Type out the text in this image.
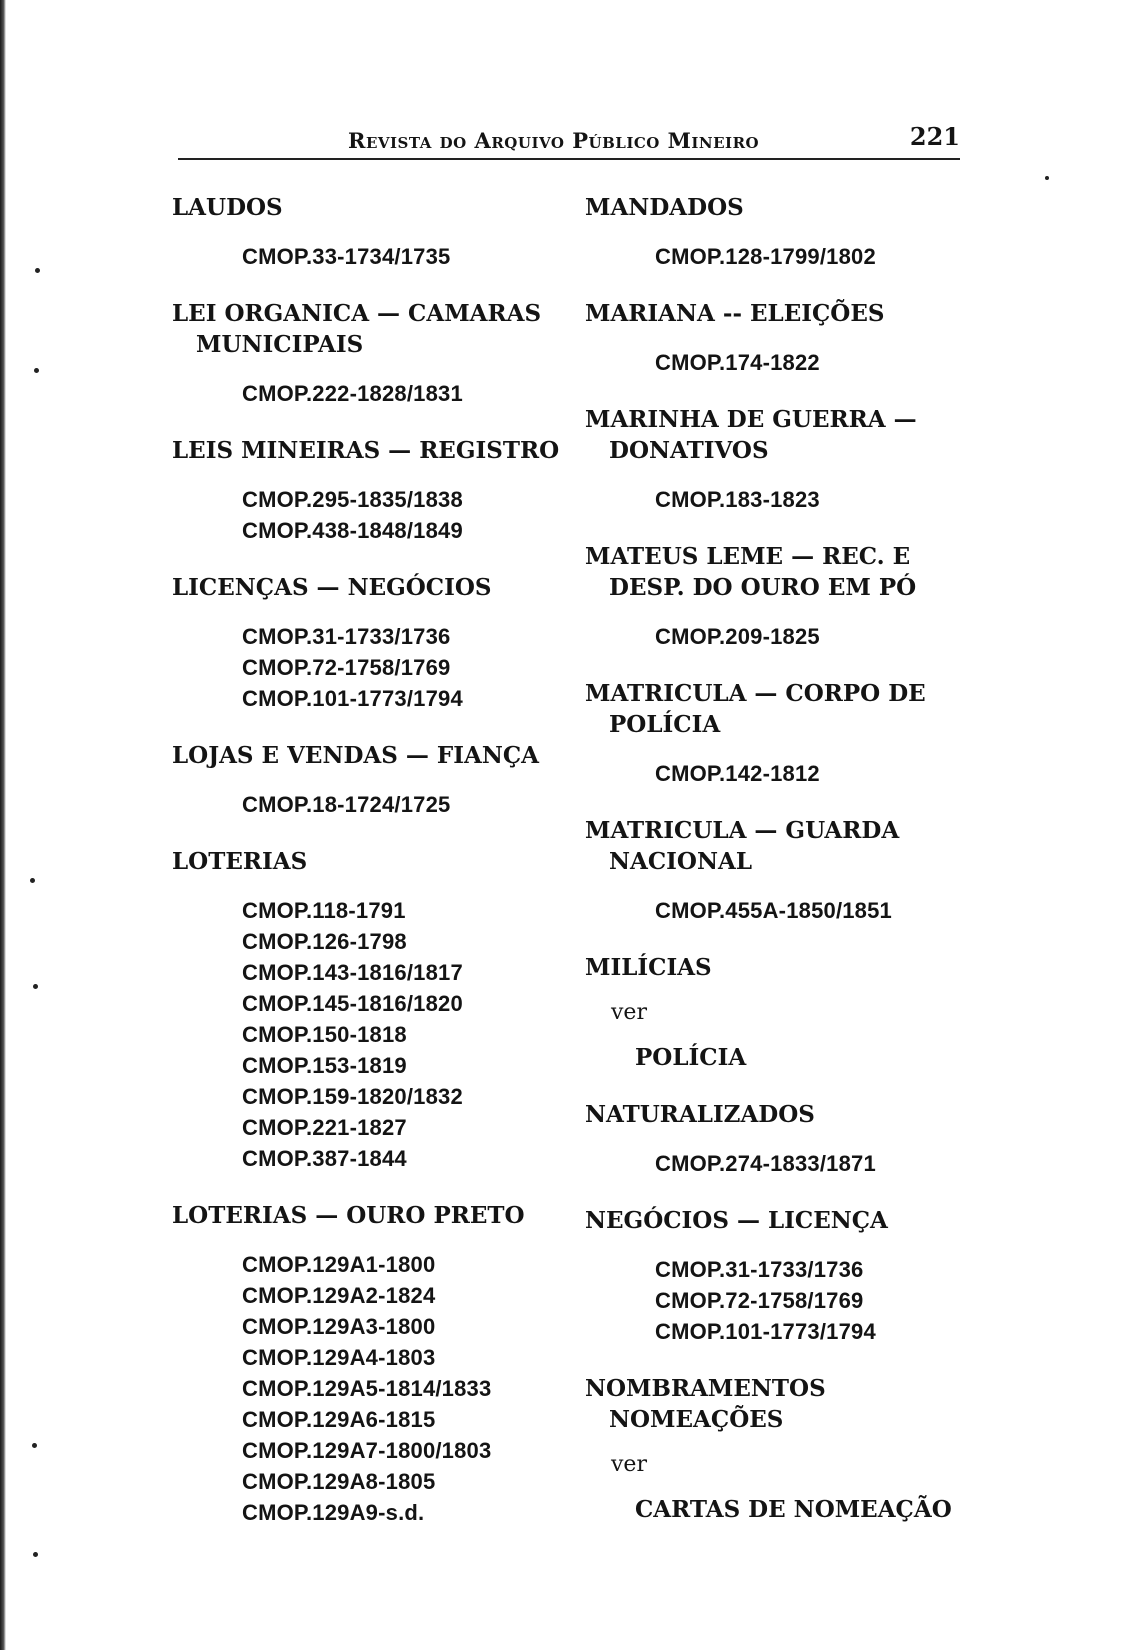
Revista do Arquivo Público Mineiro	221
LAUDOS
CMOP.33-1734/1735
LEI ORGANICA — CAMARAS
MUNICIPAIS
CMOP.222-1828/1831
LEIS MINEIRAS — REGISTRO
CMOP.295-1835/1838
CMOP.438-1848/1849
LICENÇAS — NEGÓCIOS
CMOP.31-1733/1736
CMOP.72-1758/1769
CMOP.101-1773/1794
LOJAS E VENDAS — FIANÇA
CMOP.18-1724/1725
LOTERIAS
CMOP.118-1791
CMOP.126-1798
CMOP.143-1816/1817
CMOP.145-1816/1820
CMOP.150-1818
CMOP.153-1819
CMOP.159-1820/1832
CMOP.221-1827
CMOP.387-1844
LOTERIAS — OURO PRETO
CMOP.129A1-1800
CMOP.129A2-1824
CMOP.129A3-1800
CMOP.129A4-1803
CMOP.129A5-1814/1833
CMOP.129A6-1815
CMOP.129A7-1800/1803
CMOP.129A8-1805
CMOP.129A9-s.d.
MANDADOS
CMOP.128-1799/1802
MARIANA -- ELEIÇÕES
CMOP.174-1822
MARINHA DE GUERRA —
DONATIVOS
CMOP.183-1823
MATEUS LEME — REC. E
DESP. DO OURO EM PÓ
CMOP.209-1825
MATRICULA — CORPO DE
POLÍCIA
CMOP.142-1812
MATRICULA — GUARDA
NACIONAL
CMOP.455A-1850/1851
MILÍCIAS
ver
POLÍCIA
NATURALIZADOS
CMOP.274-1833/1871
NEGÓCIOS — LICENÇA
CMOP.31-1733/1736
CMOP.72-1758/1769
CMOP.101-1773/1794
NOMBRAMENTOS
NOMEAÇÕES
ver
CARTAS DE NOMEAÇÃO
